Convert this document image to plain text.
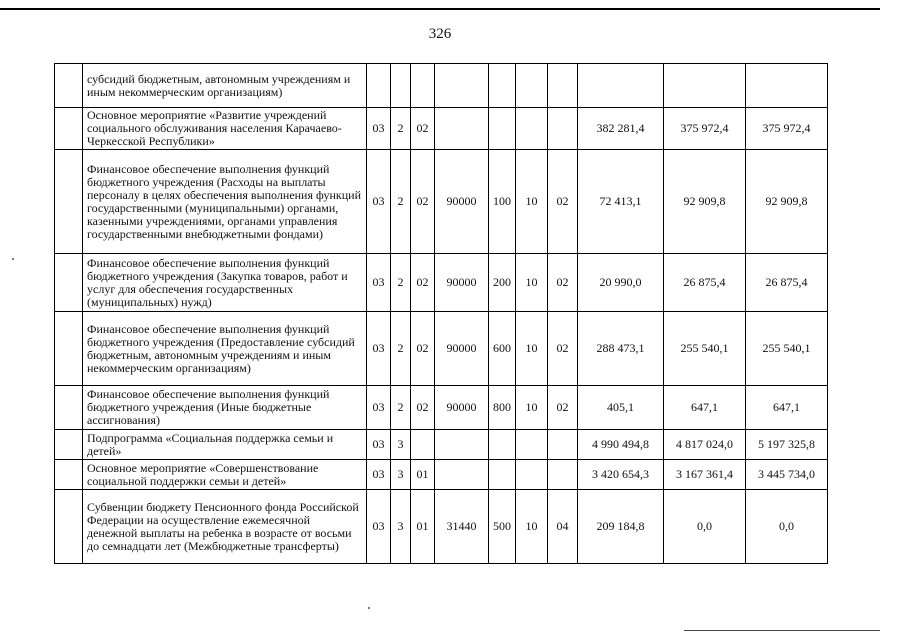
326
	субсидий бюджетным, автономным учреждениям и иным некоммерческим организациям)										
	Основное мероприятие «Развитие учреждений социального обслуживания населения Карачаево-Черкесской Республики»	03	2	02					382 281,4	375 972,4	375 972,4
	Финансовое обеспечение выполнения функций бюджетного учреждения (Расходы на выплаты персоналу в целях обеспечения выполнения функций государственными (муниципальными) органами, казенными учреждениями, органами управления государственными внебюджетными фондами)	03	2	02	90000	100	10	02	72 413,1	92 909,8	92 909,8
	Финансовое обеспечение выполнения функций бюджетного учреждения (Закупка товаров, работ и услуг для обеспечения государственных (муниципальных) нужд)	03	2	02	90000	200	10	02	20 990,0	26 875,4	26 875,4
	Финансовое обеспечение выполнения функций бюджетного учреждения (Предоставление субсидий бюджетным, автономным учреждениям и иным некоммерческим организациям)	03	2	02	90000	600	10	02	288 473,1	255 540,1	255 540,1
	Финансовое обеспечение выполнения функций бюджетного учреждения (Иные бюджетные ассигнования)	03	2	02	90000	800	10	02	405,1	647,1	647,1
	Подпрограмма «Социальная поддержка семьи и детей»	03	3						4 990 494,8	4 817 024,0	5 197 325,8
	Основное мероприятие «Совершенствование социальной поддержки семьи и детей»	03	3	01					3 420 654,3	3 167 361,4	3 445 734,0
	Субвенции бюджету Пенсионного фонда Российской Федерации на осуществление ежемесячной денежной выплаты на ребенка в возрасте от восьми до семнадцати лет (Межбюджетные трансферты)	03	3	01	31440	500	10	04	209 184,8	0,0	0,0
